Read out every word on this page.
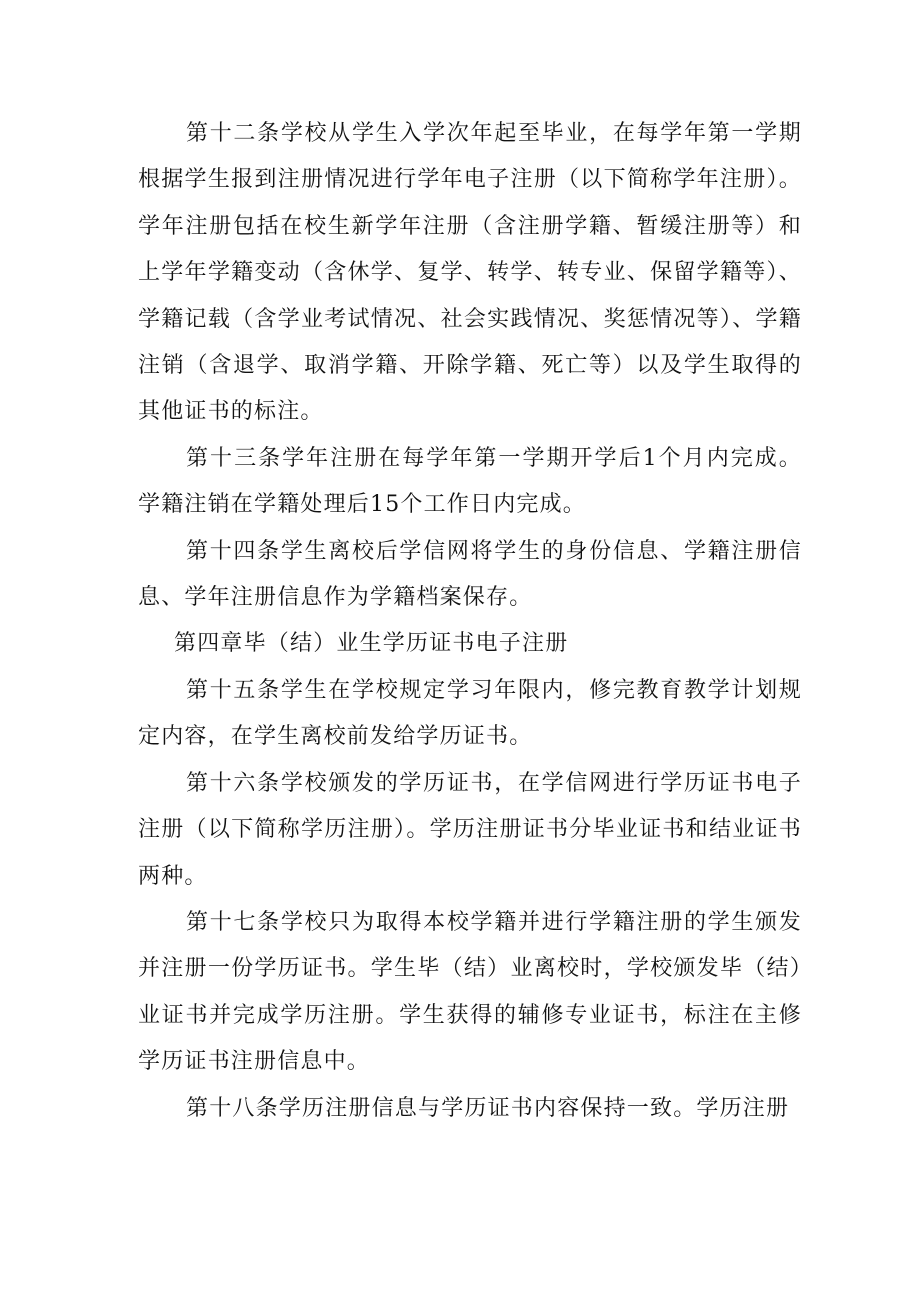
第十二条学校从学生入学次年起至毕业，在每学年第一学期根据学生报到注册情况进行学年电子注册（以下简称学年注册）。学年注册包括在校生新学年注册（含注册学籍、暂缓注册等）和上学年学籍变动（含休学、复学、转学、转专业、保留学籍等）、学籍记载（含学业考试情况、社会实践情况、奖惩情况等）、学籍注销（含退学、取消学籍、开除学籍、死亡等）以及学生取得的其他证书的标注。

第十三条学年注册在每学年第一学期开学后1个月内完成。学籍注销在学籍处理后15个工作日内完成。

第十四条学生离校后学信网将学生的身份信息、学籍注册信息、学年注册信息作为学籍档案保存。

第四章毕（结）业生学历证书电子注册

第十五条学生在学校规定学习年限内，修完教育教学计划规定内容，在学生离校前发给学历证书。

第十六条学校颁发的学历证书，在学信网进行学历证书电子注册（以下简称学历注册）。学历注册证书分毕业证书和结业证书两种。

第十七条学校只为取得本校学籍并进行学籍注册的学生颁发并注册一份学历证书。学生毕（结）业离校时，学校颁发毕（结）业证书并完成学历注册。学生获得的辅修专业证书，标注在主修学历证书注册信息中。

第十八条学历注册信息与学历证书内容保持一致。学历注册
